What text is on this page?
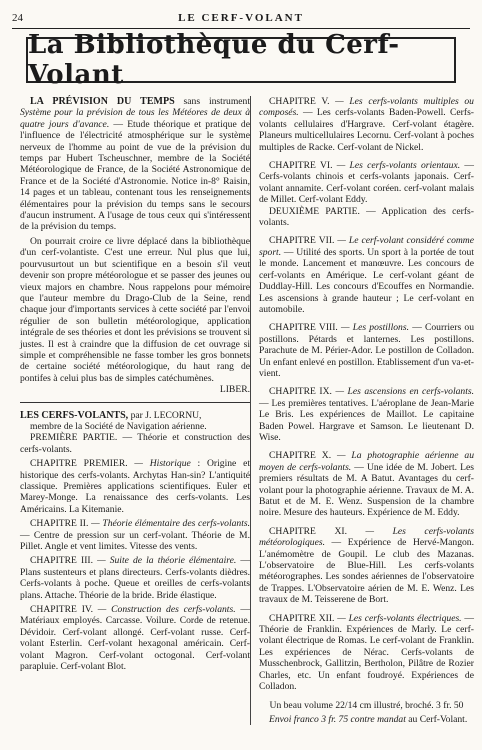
24	LE CERF-VOLANT
La Bibliothèque du Cerf-Volant

LA PRÉVISION DU TEMPS sans instrument Système pour la prévision de tous les Météores de deux à quatre jours d'avance. — Etude théorique et pratique de l'influence de l'électricité atmosphérique sur le système nerveux de l'homme au point de vue de la prévision du temps par Hubert Tscheuschner, membre de la Société Météorologique de France, de la Société Astronomique de France et de la Société d'Astronomie. Notice in-8° Raisin, 14 pages et un tableau, contenant tous les renseignements élémentaires pour la prévision du temps sans le secours d'aucun instrument. A l'usage de tous ceux qui s'intéressent de la prévision du temps.

On pourrait croire ce livre déplacé dans la bibliothèque d'un cerf-volantiste. C'est une erreur. Nul plus que lui, pourvusurtout un but scientifique en a besoin s'il veut devenir son propre météorologue et se passer des jeunes ou vieux majors en chambre. Nous rappelons pour mémoire que l'auteur membre du Drago-Club de la Seine, rend chaque jour d'importants services à cette société par l'envoi régulier de son bulletin météorologique, application intégrale de ses théories et dont les prévisions se trouvent si justes. Il est à craindre que la diffusion de cet ouvrage si simple et compréhensible ne fasse tomber les gros bonnets de certaine société météorologique, du haut rang de pontifes à celui plus bas de simples catéchumènes.

LIBER.

LES CERFS-VOLANTS, par J. LECORNU,

membre de la Société de Navigation aérienne.

PREMIÈRE PARTIE. — Théorie et construction des cerfs-volants.

CHAPITRE PREMIER. — Historique : Origine et historique des cerfs-volants. Archytas Han-sin? L'antiquité classique. Premières applications scientifiques. Euler et Marey-Monge. La renaissance des cerfs-volants. Les Américains. La Kitemanie.

CHAPITRE II. — Théorie élémentaire des cerfs-volants. — Centre de pression sur un cerf-volant. Théorie de M. Pillet. Angle et vent limites. Vitesse des vents.

CHAPITRE III. — Suite de la théorie élémentaire. — Plans sustenteurs et plans directeurs. Cerfs-volants dièdres. Cerfs-volants à poche. Queue et oreilles de cerfs-volants plans. Attache. Théorie de la bride. Bride élastique.

CHAPITRE IV. — Construction des cerfs-volants. — Matériaux employés. Carcasse. Voilure. Corde de retenue. Dévidoir. Cerf-volant allongé. Cerf-volant russe. Cerf-volant Esterlin. Cerf-volant hexagonal américain. Cerf-volant Magron. Cerf-volant octogonal. Cerf-volant parapluie. Cerf-volant Blot.

CHAPITRE V. — Les cerfs-volants multiples ou composés. — Les cerfs-volants Baden-Powell. Cerfs-volants cellulaires d'Hargrave. Cerf-volant étagère. Planeurs multicellulaires Lecornu. Cerf-volant à poches multiples de Racke. Cerf-volant de Nickel.

CHAPITRE VI. — Les cerfs-volants orientaux. — Cerfs-volants chinois et cerfs-volants japonais. Cerf-volant annamite. Cerf-volant coréen. cerf-volant malais de Millet. Cerf-volant Eddy.

DEUXIÈME PARTIE. — Application des cerfs-volants.

CHAPITRE VII. — Le cerf-volant considéré comme sport. — Utilité des sports. Un sport à la portée de tout le monde. Lancement et manœuvre. Les concours de cerf-volants en Amérique. Le cerf-volant géant de Duddlay-Hill. Les concours d'Ecouffes en Normandie. Les ascensions à grande hauteur ; Le cerf-volant en automobile.

CHAPITRE VIII. — Les postillons. — Courriers ou postillons. Pétards et lanternes. Les postillons. Parachute de M. Périer-Ador. Le postillon de Colladon. Un enfant enlevé en postillon. Etablissement d'un va-et-vient.

CHAPITRE IX. — Les ascensions en cerfs-volants. — Les premières tentatives. L'aéroplane de Jean-Marie Le Bris. Les expériences de Maillot. Le capitaine Baden Powel. Hargrave et Samson. Le lieutenant D. Wise.

CHAPITRE X. — La photographie aérienne au moyen de cerfs-volants. — Une idée de M. Jobert. Les premiers résultats de M. A Batut. Avantages du cerf-volant pour la photographie aérienne. Travaux de M. A. Batut et de M. E. Wenz. Suspension de la chambre noire. Mesure des hauteurs. Expérience de M. Eddy.

CHAPITRE XI. — Les cerfs-volants météorologiques. — Expérience de Hervé-Mangon. L'anémomètre de Goupil. Le club des Mazanas. L'observatoire de Blue-Hill. Les cerfs-volants météorographes. Les sondes aériennes de l'observatoire de Trappes. L'Observatoire aérien de M. E. Wenz. Les travaux de M. Teisserene de Bort.

CHAPITRE XII. — Les cerfs-volants électriques. — Théorie de Franklin. Expériences de Marly. Le cerf-volant électrique de Romas. Le cerf-volant de Franklin. Les expériences de Nérac. Cerfs-volants de Musschenbrock, Gallitzin, Bertholon, Pilâtre de Rozier Charles, etc. Un enfant foudroyé. Expériences de Colladon.

Un beau volume 22/14 cm illustré, broché. 3 fr. 50

Envoi franco 3 fr. 75 contre mandat au Cerf-Volant.
